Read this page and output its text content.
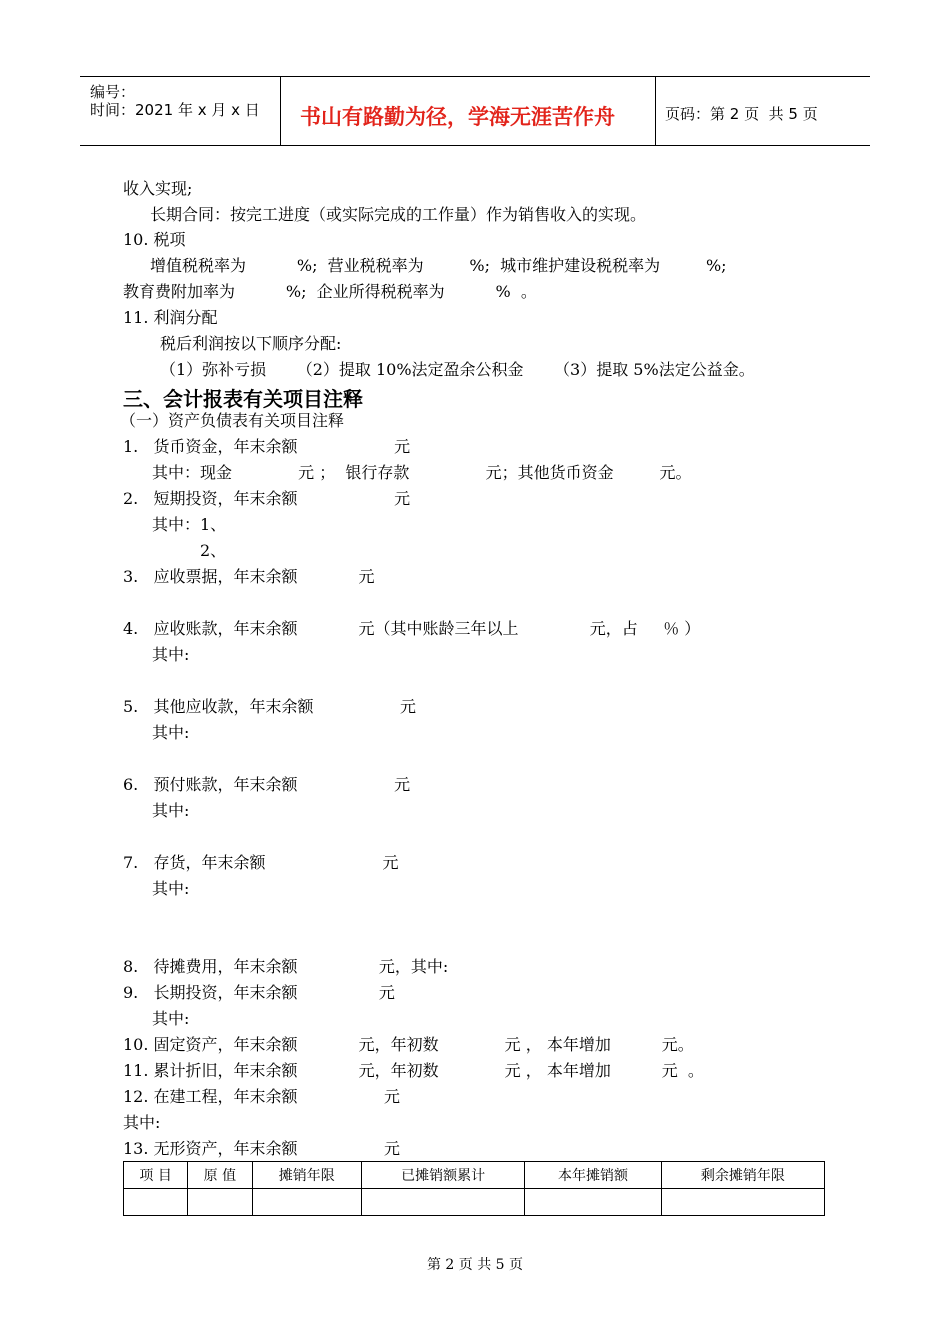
编号：
时间：2021 年 x 月 x 日 书山有路勤为径，学海无涯苦作舟	页码：第 2 页  共 5 页
收入实现;
长期合同：按完工进度（或实际完成的工作量）作为销售收入的实现。
10. 税项
增值税税率为          %;  营业税税率为         %;  城市维护建设税税率为         %;
教育费附加率为          %;  企业所得税税率为          %  。
11. 利润分配
税后利润按以下顺序分配:
（1）弥补亏损      （2）提取 10%法定盈余公积金      （3）提取 5%法定公益金。
三、会计报表有关项目注释
（一）资产负债表有关项目注释
1.   货币资金，年末余额                   元
其中：现金             元 ；  银行存款               元；其他货币资金         元。
2.   短期投资，年末余额                   元
其中：1、
2、
3.   应收票据，年末余额            元
4.   应收账款，年末余额            元（其中账龄三年以上              元，占     ％ ）
其中:
5.   其他应收款，年末余额                 元
其中:
6.   预付账款，年末余额                   元
其中:
7.   存货，年末余额                       元
其中:
8.   待摊费用，年末余额                元，其中:
9.   长期投资，年末余额                元
其中:
10. 固定资产，年末余额            元，年初数             元 ， 本年增加          元。
11. 累计折旧，年末余额            元，年初数             元 ， 本年增加          元  。
12. 在建工程，年末余额                 元
其中:
13. 无形资产，年末余额                 元
项 目	原 值	摊销年限	已摊销额累计	本年摊销额	剩余摊销年限

第 2 页 共 5 页
